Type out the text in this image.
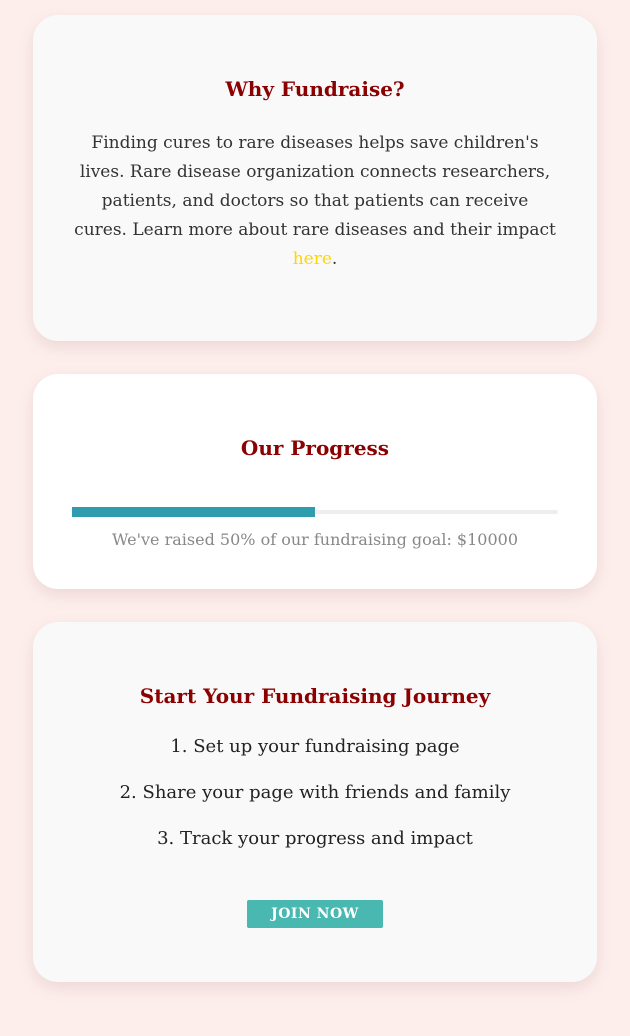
Why Fundraise?

Finding cures to rare diseases helps save children's lives. Rare disease organization connects researchers, patients, and doctors so that patients can receive cures. Learn more about rare diseases and their impact here.

Our Progress

We've raised 50% of our fundraising goal: $10000

Start Your Fundraising Journey
1. Set up your fundraising page
2. Share your page with friends and family
3. Track your progress and impact
JOIN NOW
